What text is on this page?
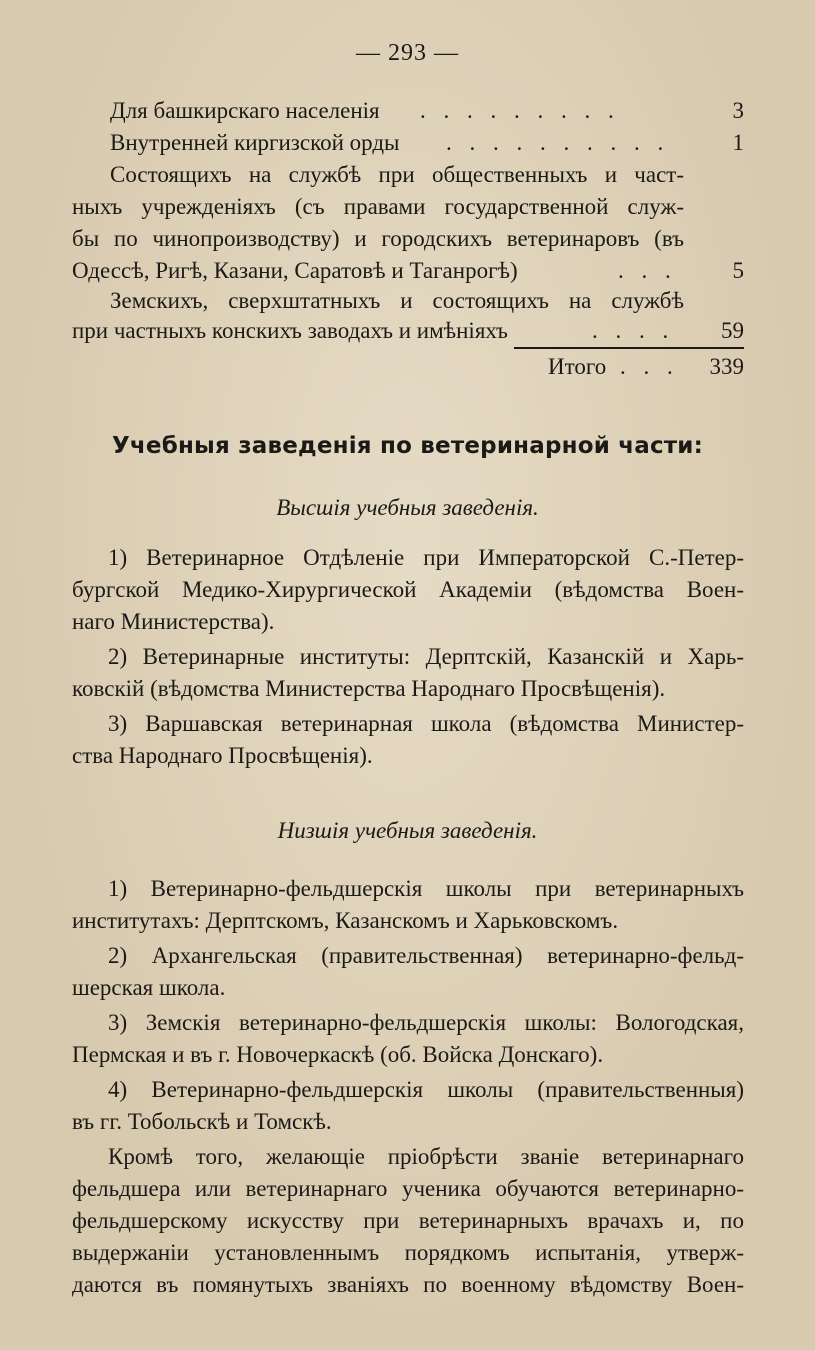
— 293 —
Для башкирскаго населенія . . . . . . . . .	3
Внутренней киргизской орды . . . . . . . . . .	1
Состоящихъ на службѣ при общественныхъ и част-
ныхъ учрежденіяхъ (съ правами государственной служ-
бы по чинопроизводству) и городскихъ ветеринаровъ (въ
Одессѣ, Ригѣ, Казани, Саратовѣ и Таганрогѣ)	. . . 5
Земскихъ, сверхштатныхъ и состоящихъ на службѣ
при частныхъ конскихъ заводахъ и имѣніяхъ	. . . . 59
Итого . . . 339
Учебныя заведенія по ветеринарной части:
Высшія учебныя заведенія.
1) Ветеринарное Отдѣленіе при Императорской С.-Петер-
бургской Медико-Хирургической Академіи (вѣдомства Воен-
наго Министерства).
2) Ветеринарные институты: Дерптскій, Казанскій и Харь-
ковскій (вѣдомства Министерства Народнаго Просвѣщенія).
3) Варшавская ветеринарная школа (вѣдомства Министер-
ства Народнаго Просвѣщенія).
Низшія учебныя заведенія.
1) Ветеринарно-фельдшерскія школы при ветеринарныхъ
институтахъ: Дерптскомъ, Казанскомъ и Харьковскомъ.
2) Архангельская (правительственная) ветеринарно-фельд-
шерская школа.
3) Земскія ветеринарно-фельдшерскія школы: Вологодская,
Пермская и въ г. Новочеркаскѣ (об. Войска Донскаго).
4) Ветеринарно-фельдшерскія школы (правительственныя)
въ гг. Тобольскѣ и Томскѣ.
Кромѣ того, желающіе пріобрѣсти званіе ветеринарнаго
фельдшера или ветеринарнаго ученика обучаются ветеринарно-
фельдшерскому искусству при ветеринарныхъ врачахъ и, по
выдержаніи установленнымъ порядкомъ испытанія, утверж-
даются въ помянутыхъ званіяхъ по военному вѣдомству Воен-
